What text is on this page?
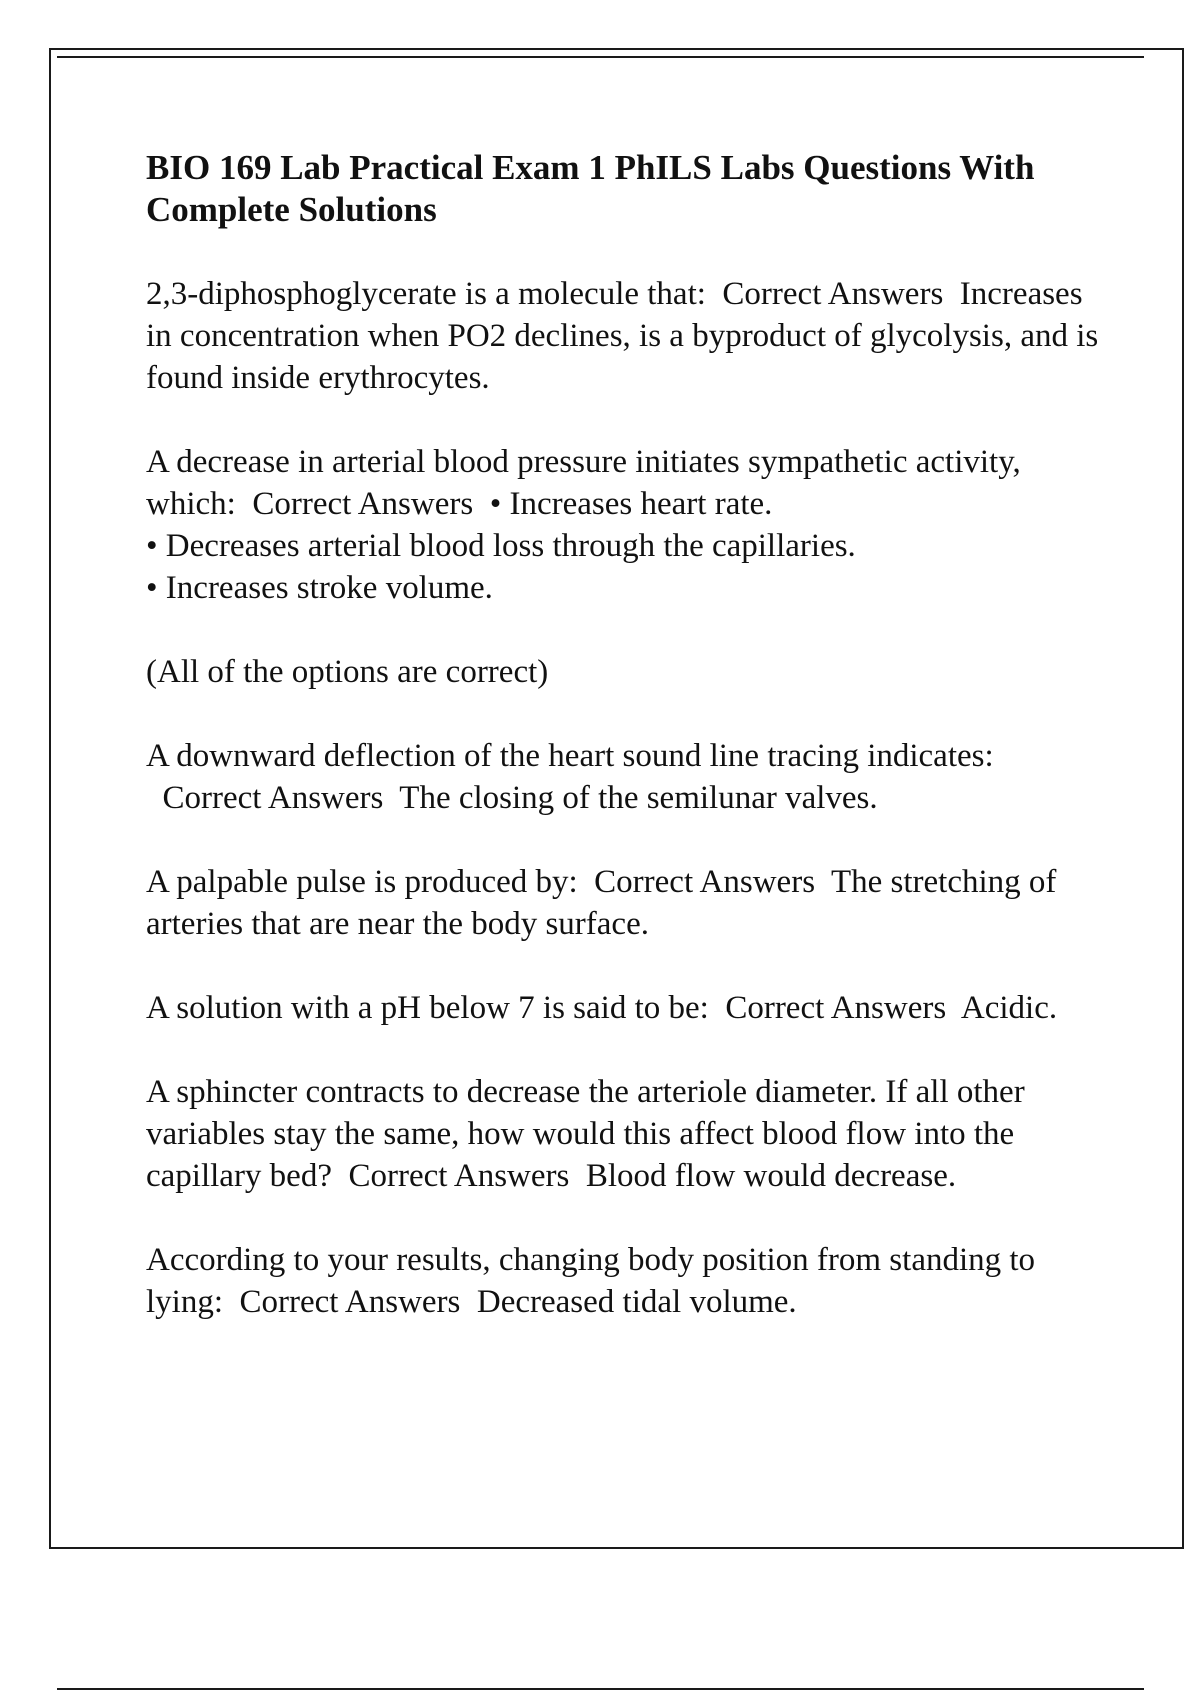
BIO 169 Lab Practical Exam 1 PhILS Labs Questions With Complete Solutions

2,3-diphosphoglycerate is a molecule that: Correct Answers Increases in concentration when PO2 declines, is a byproduct of glycolysis, and is found inside erythrocytes.

A decrease in arterial blood pressure initiates sympathetic activity, which: Correct Answers • Increases heart rate.
• Decreases arterial blood loss through the capillaries.
• Increases stroke volume.

(All of the options are correct)

A downward deflection of the heart sound line tracing indicates:  Correct Answers The closing of the semilunar valves.

A palpable pulse is produced by: Correct Answers The stretching of arteries that are near the body surface.

A solution with a pH below 7 is said to be: Correct Answers Acidic.

A sphincter contracts to decrease the arteriole diameter. If all other variables stay the same, how would this affect blood flow into the capillary bed? Correct Answers Blood flow would decrease.

According to your results, changing body position from standing to lying: Correct Answers Decreased tidal volume.
